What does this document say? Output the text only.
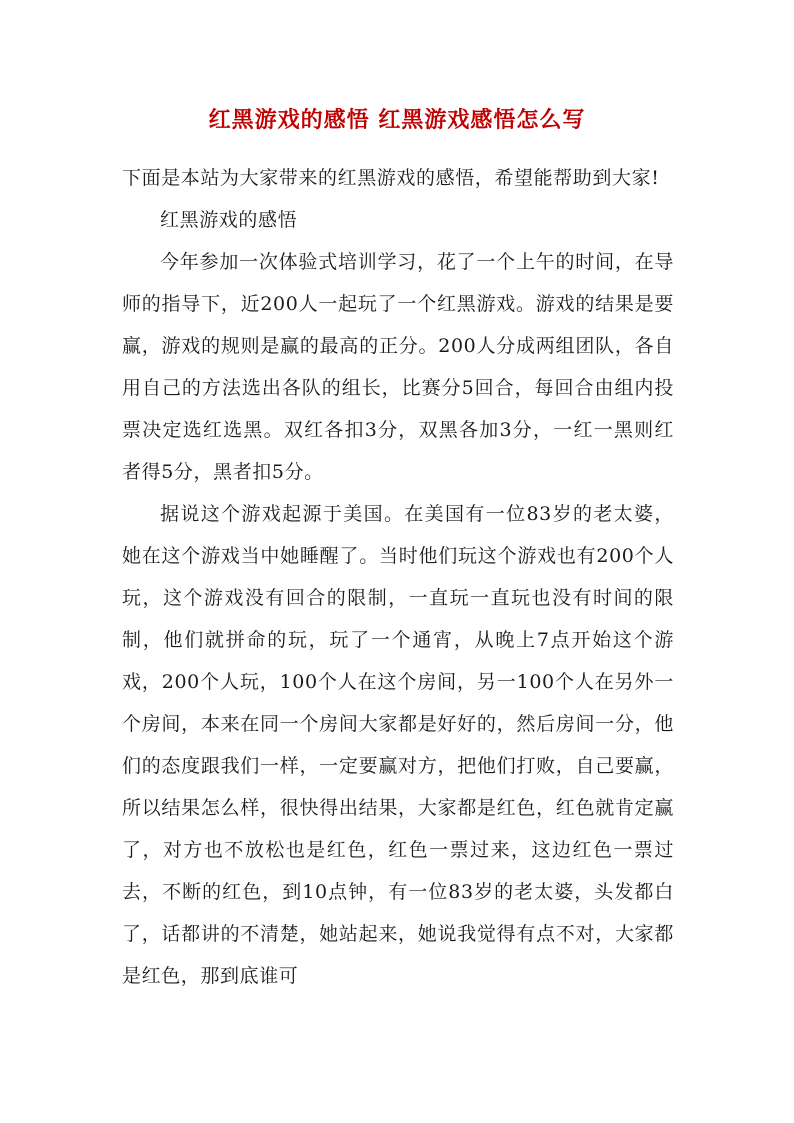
红黑游戏的感悟 红黑游戏感悟怎么写

下面是本站为大家带来的红黑游戏的感悟，希望能帮助到大家!

红黑游戏的感悟

今年参加一次体验式培训学习，花了一个上午的时间，在导师的指导下，近200人一起玩了一个红黑游戏。游戏的结果是要赢，游戏的规则是赢的最高的正分。200人分成两组团队，各自用自己的方法选出各队的组长，比赛分5回合，每回合由组内投票决定选红选黑。双红各扣3分，双黑各加3分，一红一黑则红者得5分，黑者扣5分。

据说这个游戏起源于美国。在美国有一位83岁的老太婆，她在这个游戏当中她睡醒了。当时他们玩这个游戏也有200个人玩，这个游戏没有回合的限制，一直玩一直玩也没有时间的限制，他们就拼命的玩，玩了一个通宵，从晚上7点开始这个游戏，200个人玩，100个人在这个房间，另一100个人在另外一个房间，本来在同一个房间大家都是好好的，然后房间一分，他们的态度跟我们一样，一定要赢对方，把他们打败，自己要赢，所以结果怎么样，很快得出结果，大家都是红色，红色就肯定赢了，对方也不放松也是红色，红色一票过来，这边红色一票过去，不断的红色，到10点钟，有一位83岁的老太婆，头发都白了，话都讲的不清楚，她站起来，她说我觉得有点不对，大家都是红色，那到底谁可
